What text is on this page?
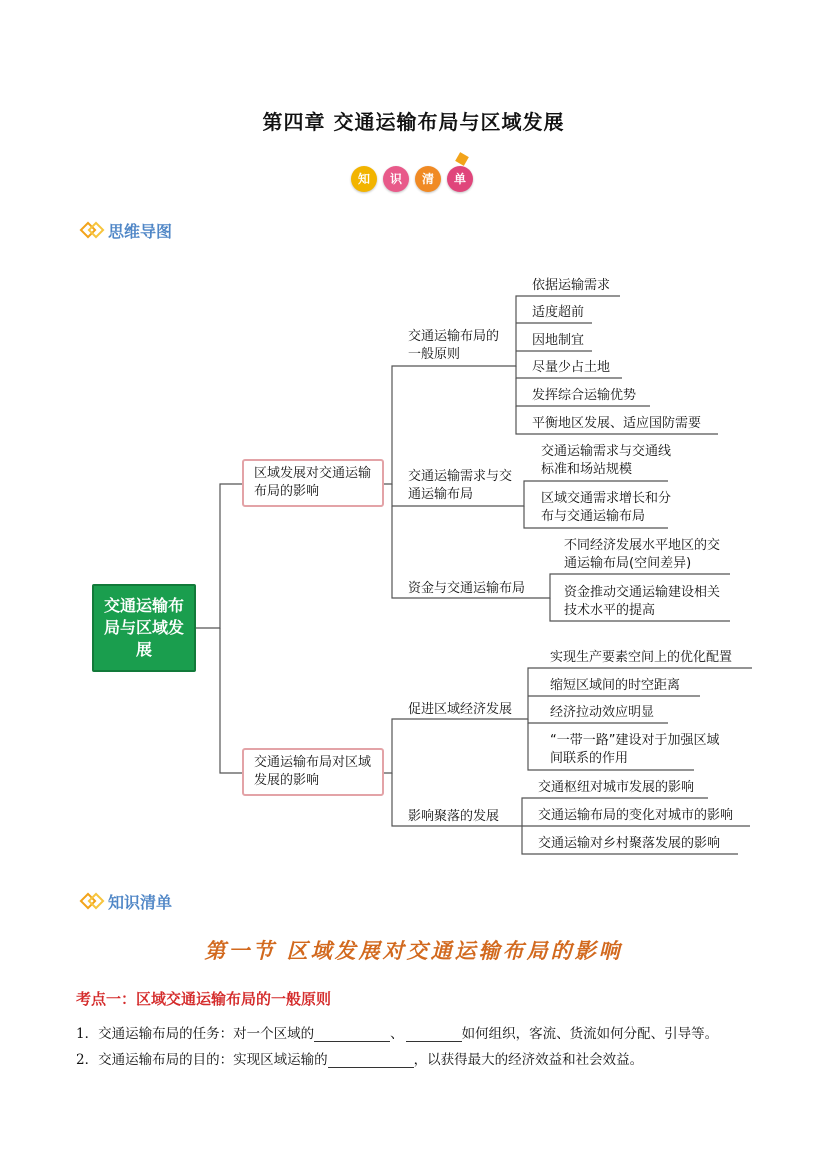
第四章 交通运输布局与区域发展
知	识	清	单
思维导图
交通运输布局与区域发展
区域发展对交通运输布局的影响
交通运输布局对区域发展的影响
交通运输布局的一般原则
交通运输需求与交通运输布局
资金与交通运输布局
促进区域经济发展
影响聚落的发展
依据运输需求
适度超前
因地制宜
尽量少占土地
发挥综合运输优势
平衡地区发展、适应国防需要
交通运输需求与交通线标准和场站规模
区域交通需求增长和分布与交通运输布局
不同经济发展水平地区的交通运输布局(空间差异)
资金推动交通运输建设相关技术水平的提高
实现生产要素空间上的优化配置
缩短区域间的时空距离
经济拉动效应明显
“一带一路”建设对于加强区域间联系的作用
交通枢纽对城市发展的影响
交通运输布局的变化对城市的影响
交通运输对乡村聚落发展的影响
知识清单
第一节 区域发展对交通运输布局的影响
考点一：区域交通运输布局的一般原则
1．交通运输布局的任务：对一个区域的	、	如何组织，客流、货流如何分配、引导等。
2．交通运输布局的目的：实现区域运输的	，以获得最大的经济效益和社会效益。
